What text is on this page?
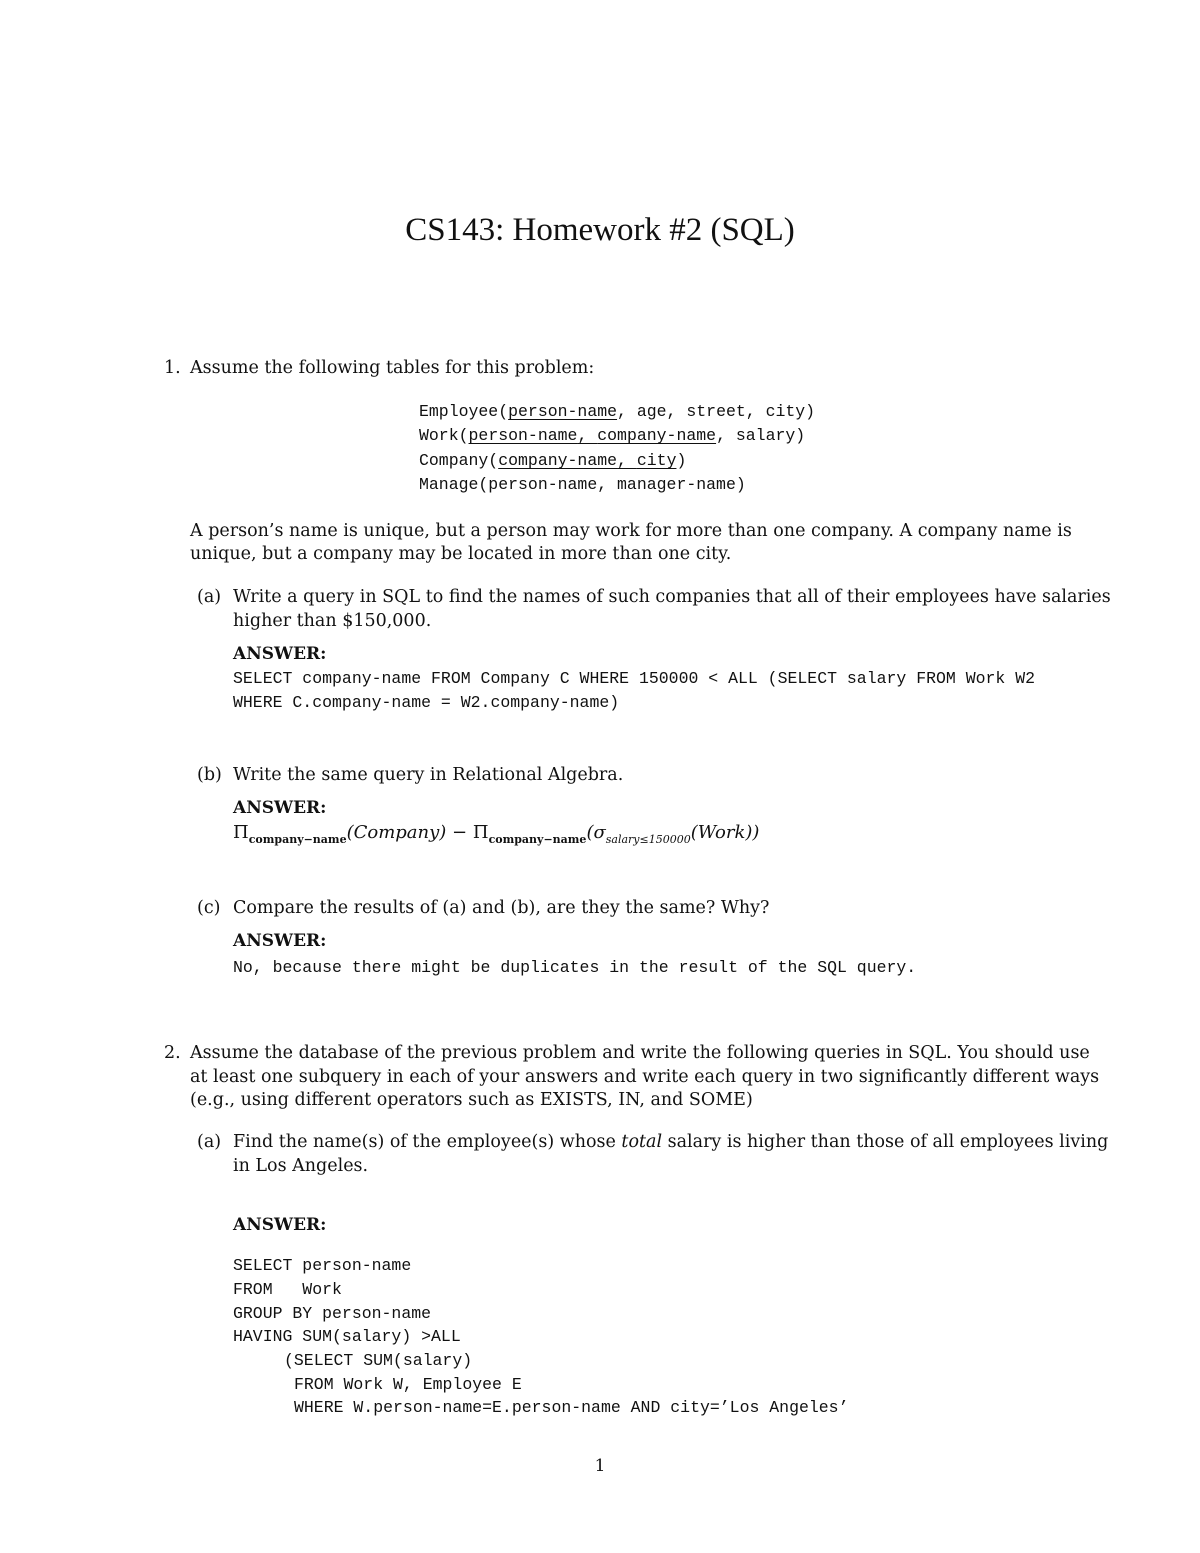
CS143: Homework #2 (SQL)
1. Assume the following tables for this problem:
Employee(person-name, age, street, city)
Work(person-name, company-name, salary)
Company(company-name, city)
Manage(person-name, manager-name)
A person’s name is unique, but a person may work for more than one company. A company name is
unique, but a company may be located in more than one city.
(a) Write a query in SQL to find the names of such companies that all of their employees have salaries
higher than $150,000.
ANSWER:
SELECT company-name FROM Company C WHERE 150000 < ALL (SELECT salary FROM Work W2
WHERE C.company-name = W2.company-name)
(b) Write the same query in Relational Algebra.
ANSWER:
$\Pi_{company-name}(Company)$ − $\Pi_{company-name}(\sigma_{salary\le 150000}(Work))$
(c) Compare the results of (a) and (b), are they the same? Why?
ANSWER:
No, because there might be duplicates in the result of the SQL query.
2. Assume the database of the previous problem and write the following queries in SQL. You should use
at least one subquery in each of your answers and write each query in two significantly different ways
(e.g., using different operators such as EXISTS, IN, and SOME)
(a) Find the name(s) of the employee(s) whose total salary is higher than those of all employees living
in Los Angeles.
ANSWER:
SELECT person-name
FROM   Work
GROUP BY person-name
HAVING SUM(salary) >ALL
(SELECT SUM(salary)
FROM Work W, Employee E
WHERE W.person-name=E.person-name AND city=’Los Angeles’
1
